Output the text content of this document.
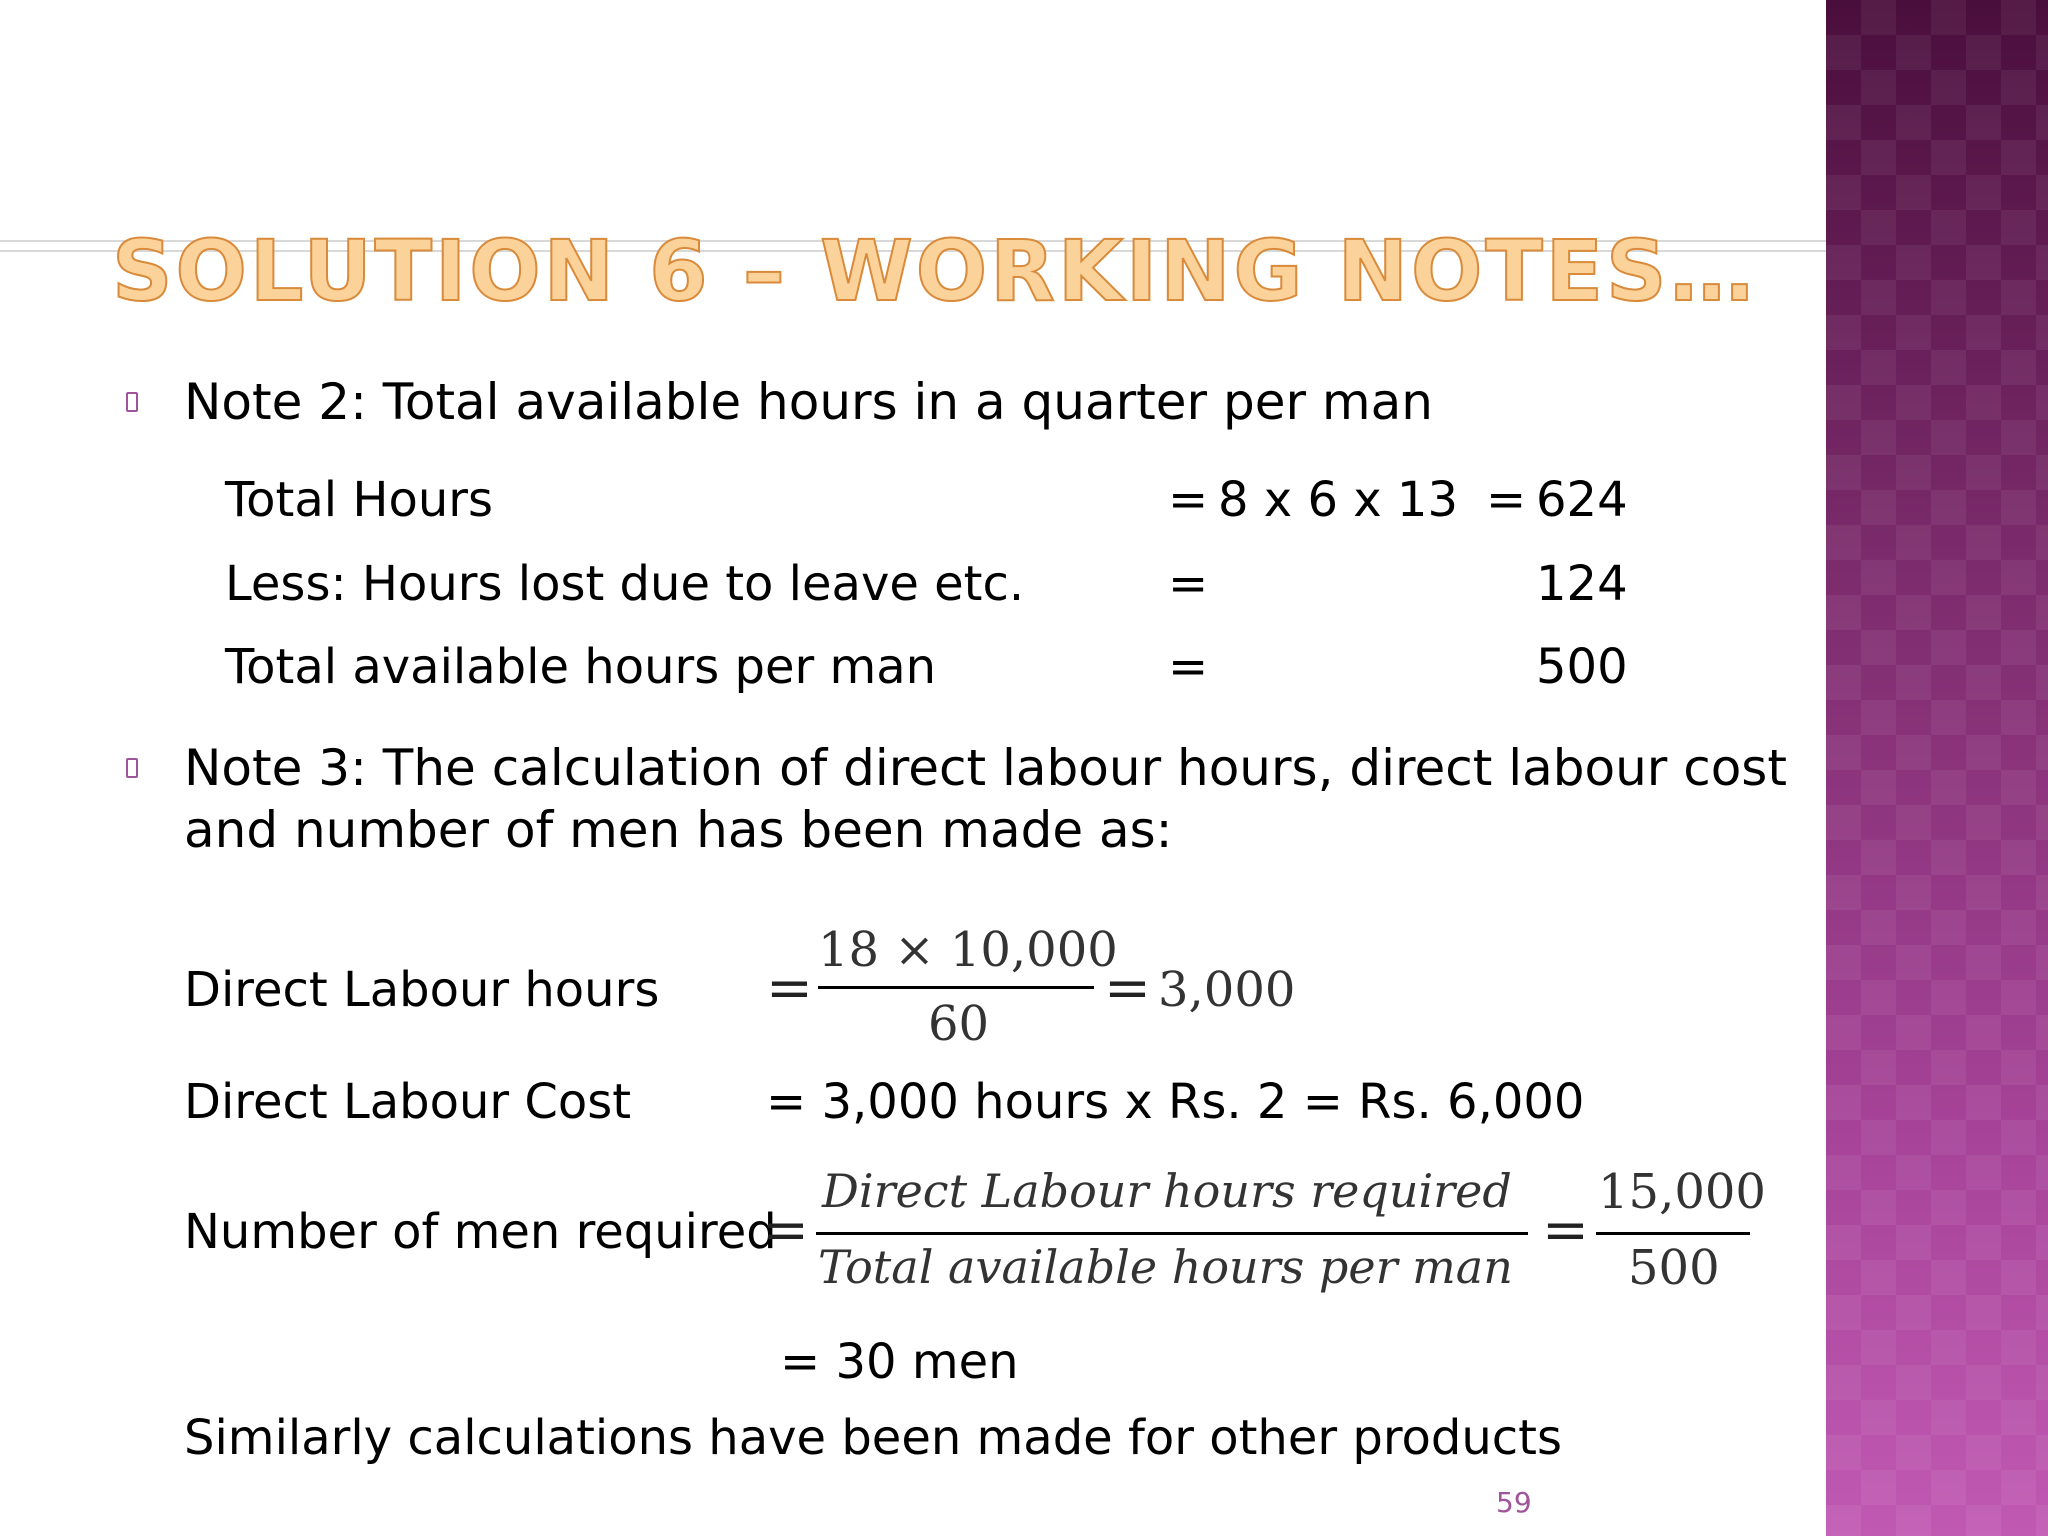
SOLUTION 6 – WORKING NOTES…
Note 2: Total available hours in a quarter per man
Total Hours	= 8 x 6 x 13 = 624
Less: Hours lost due to leave etc.	=	124
Total available hours per man	=	500
Note 3: The calculation of direct labour hours, direct labour cost
and number of men has been made as:
Direct Labour hours =
18 × 10,000
60
= 3,000
Direct Labour Cost	= 3,000 hours x Rs. 2 = Rs. 6,000
Number of men required
=
Direct Labour hours required
Total available hours per man
=
15,000
500
= 30 men
Similarly calculations have been made for other products
59
